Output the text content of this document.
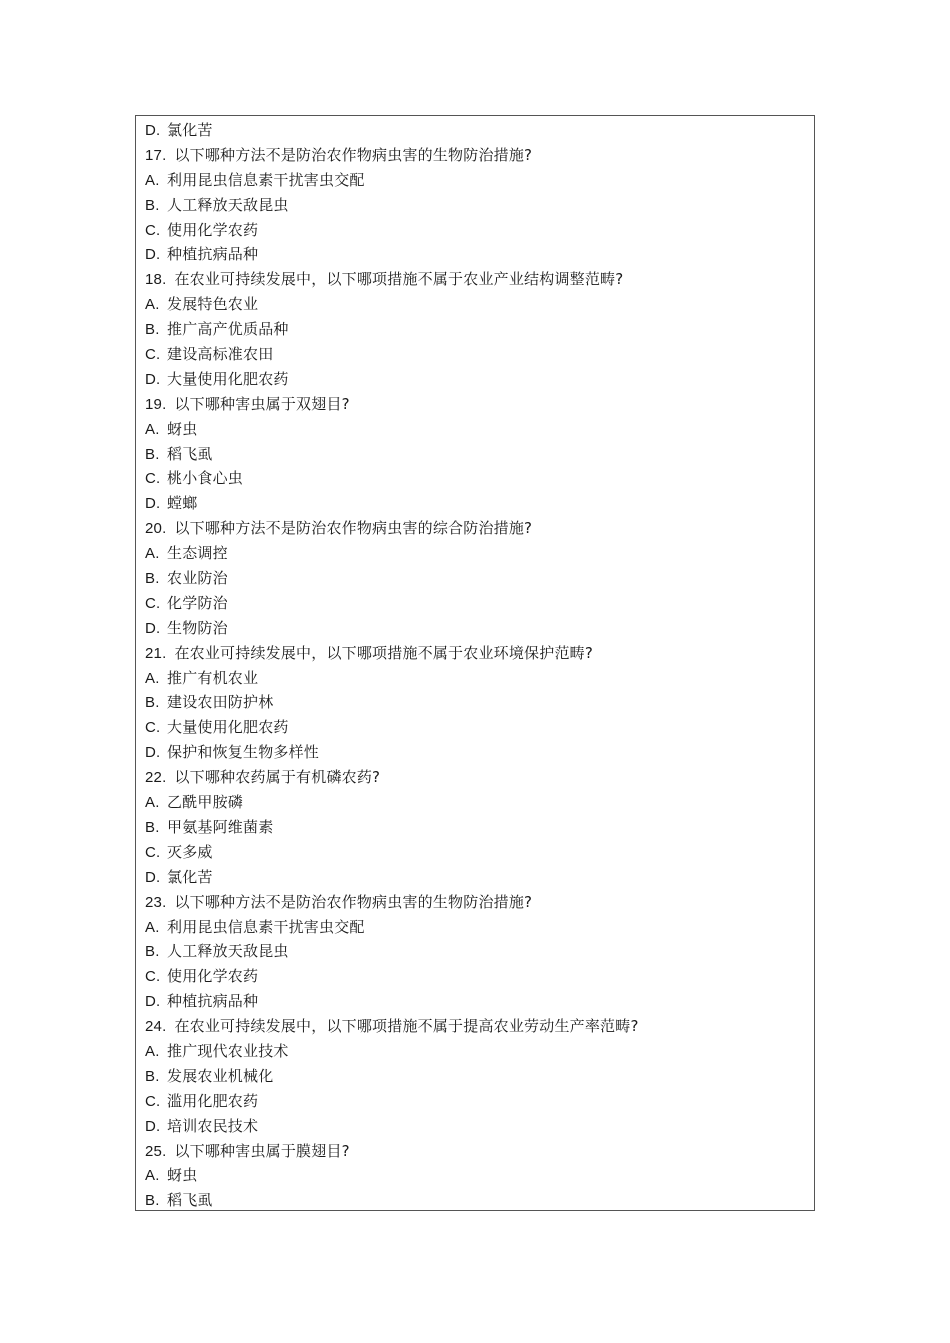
D. 氯化苦
17. 以下哪种方法不是防治农作物病虫害的生物防治措施?
A. 利用昆虫信息素干扰害虫交配
B. 人工释放天敌昆虫
C. 使用化学农药
D. 种植抗病品种
18. 在农业可持续发展中，以下哪项措施不属于农业产业结构调整范畴?
A. 发展特色农业
B. 推广高产优质品种
C. 建设高标准农田
D. 大量使用化肥农药
19. 以下哪种害虫属于双翅目?
A. 蚜虫
B. 稻飞虱
C. 桃小食心虫
D. 螳螂
20. 以下哪种方法不是防治农作物病虫害的综合防治措施?
A. 生态调控
B. 农业防治
C. 化学防治
D. 生物防治
21. 在农业可持续发展中，以下哪项措施不属于农业环境保护范畴?
A. 推广有机农业
B. 建设农田防护林
C. 大量使用化肥农药
D. 保护和恢复生物多样性
22. 以下哪种农药属于有机磷农药?
A. 乙酰甲胺磷
B. 甲氨基阿维菌素
C. 灭多威
D. 氯化苦
23. 以下哪种方法不是防治农作物病虫害的生物防治措施?
A. 利用昆虫信息素干扰害虫交配
B. 人工释放天敌昆虫
C. 使用化学农药
D. 种植抗病品种
24. 在农业可持续发展中，以下哪项措施不属于提高农业劳动生产率范畴?
A. 推广现代农业技术
B. 发展农业机械化
C. 滥用化肥农药
D. 培训农民技术
25. 以下哪种害虫属于膜翅目?
A. 蚜虫
B. 稻飞虱
